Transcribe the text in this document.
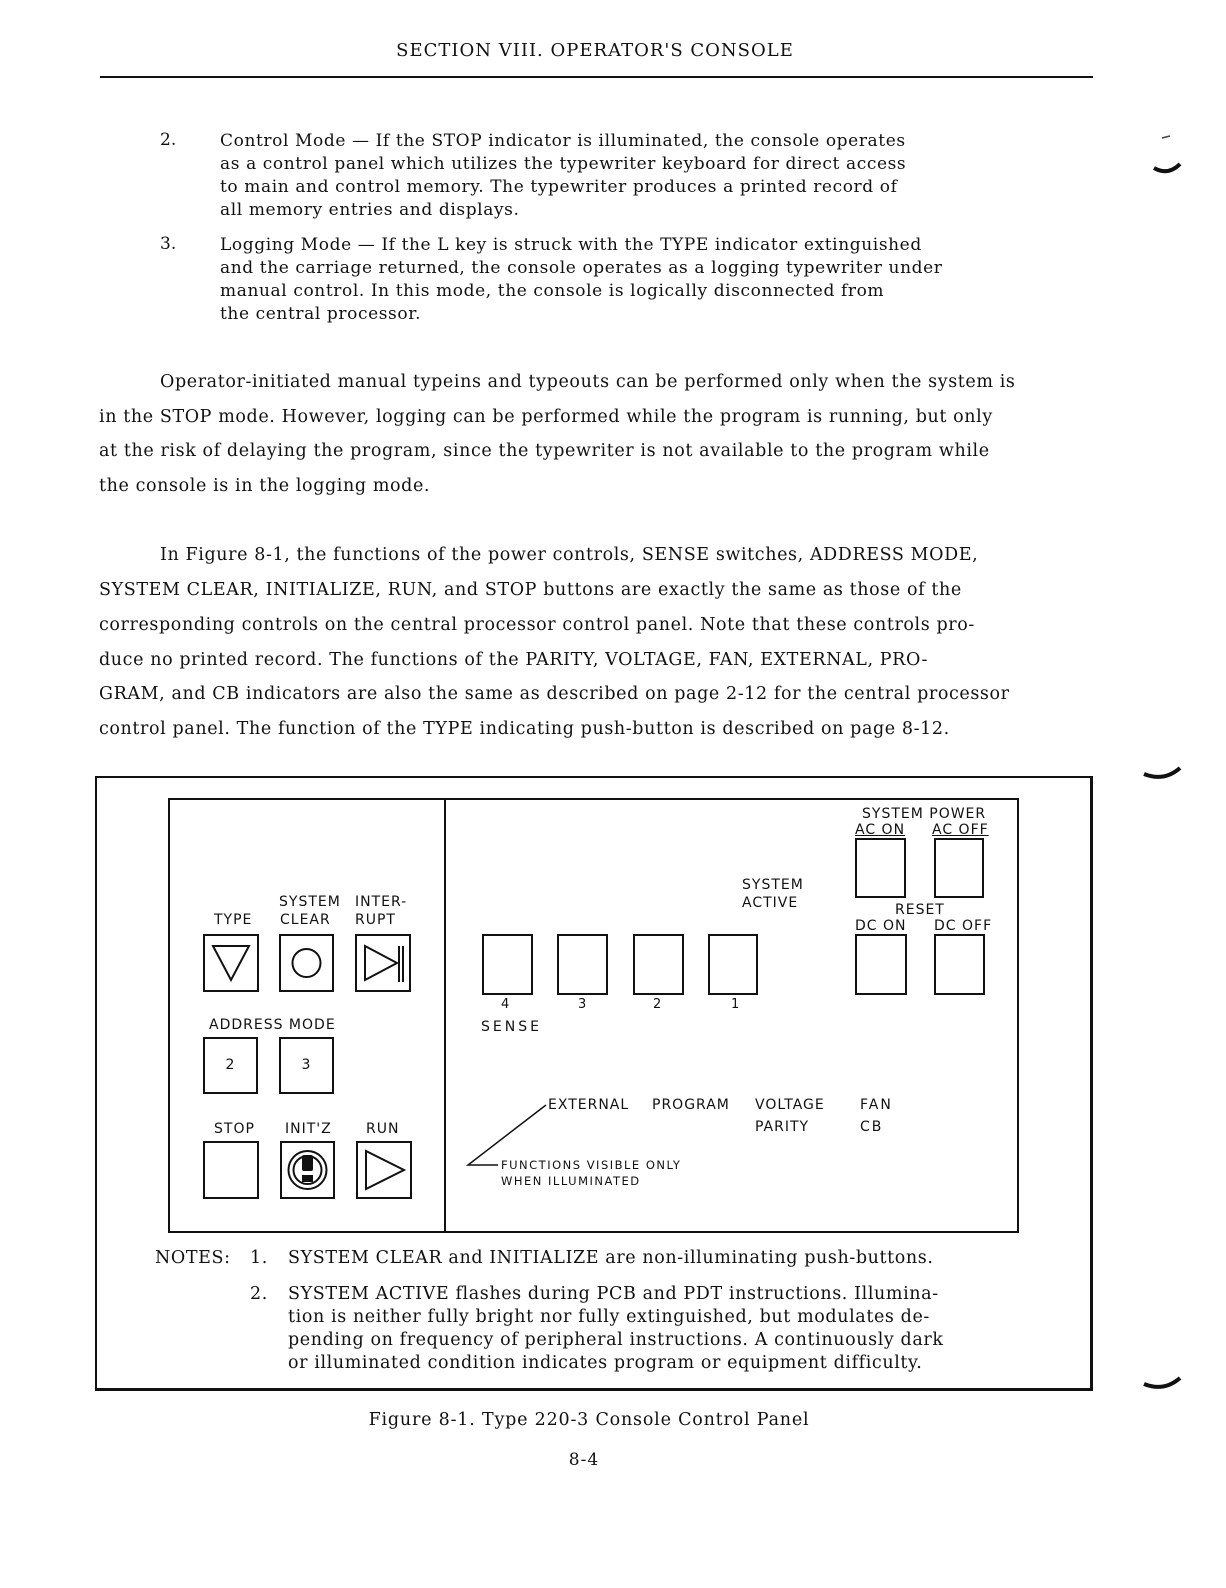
SECTION VIII. OPERATOR'S CONSOLE
2.	Control Mode — If the STOP indicator is illuminated, the console operates
as a control panel which utilizes the typewriter keyboard for direct access
to main and control memory. The typewriter produces a printed record of
all memory entries and displays.
3.	Logging Mode — If the L key is struck with the TYPE indicator extinguished
and the carriage returned, the console operates as a logging typewriter under
manual control. In this mode, the console is logically disconnected from
the central processor.
Operator-initiated manual typeins and typeouts can be performed only when the system is
in the STOP mode. However, logging can be performed while the program is running, but only
at the risk of delaying the program, since the typewriter is not available to the program while
the console is in the logging mode.
In Figure 8-1, the functions of the power controls, SENSE switches, ADDRESS MODE,
SYSTEM CLEAR, INITIALIZE, RUN, and STOP buttons are exactly the same as those of the
corresponding controls on the central processor control panel. Note that these controls pro-
duce no printed record. The functions of the PARITY, VOLTAGE, FAN, EXTERNAL, PRO-
GRAM, and CB indicators are also the same as described on page 2-12 for the central processor
control panel. The function of the TYPE indicating push-button is described on page 8-12.
TYPE
SYSTEM
CLEAR
INTER-
RUPT
ADDRESS MODE
2	3
STOP INIT'Z RUN
SYSTEM POWER
AC ON AC OFF
SYSTEM
ACTIVE	RESET
DC ON DC OFF
4	3	2	1
SENSE
EXTERNAL PROGRAM VOLTAGE
PARITY
FAN
CB
FUNCTIONS VISIBLE ONLY
WHEN ILLUMINATED
NOTES: 1. SYSTEM CLEAR and INITIALIZE are non-illuminating push-buttons.
2. SYSTEM ACTIVE flashes during PCB and PDT instructions. Illumina-
tion is neither fully bright nor fully extinguished, but modulates de-
pending on frequency of peripheral instructions. A continuously dark
or illuminated condition indicates program or equipment difficulty.
Figure 8-1. Type 220-3 Console Control Panel
8-4
